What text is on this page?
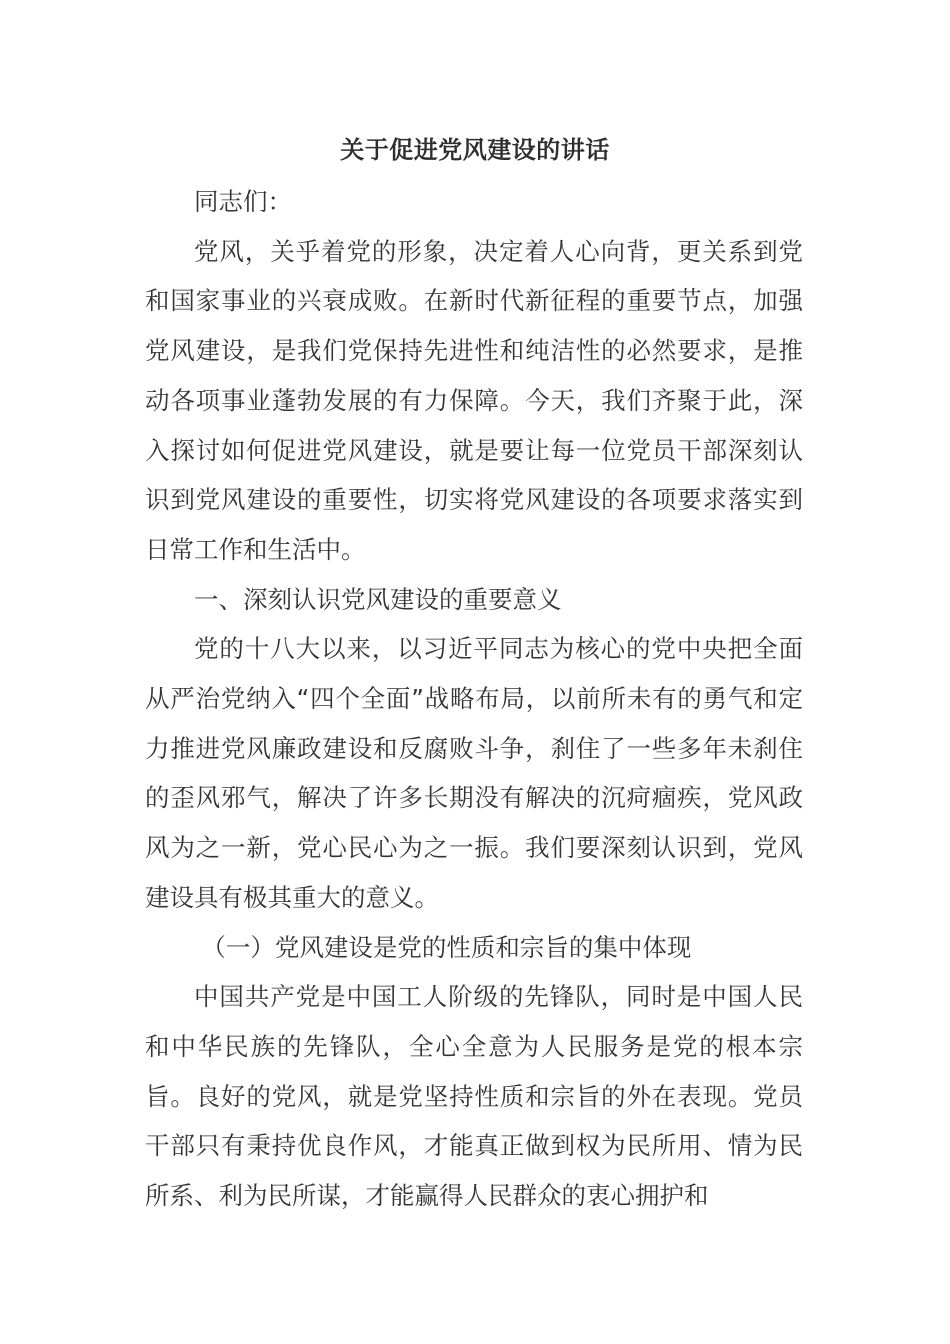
关于促进党风建设的讲话

同志们：

党风，关乎着党的形象，决定着人心向背，更关系到党和国家事业的兴衰成败。在新时代新征程的重要节点，加强党风建设，是我们党保持先进性和纯洁性的必然要求，是推动各项事业蓬勃发展的有力保障。今天，我们齐聚于此，深入探讨如何促进党风建设，就是要让每一位党员干部深刻认识到党风建设的重要性，切实将党风建设的各项要求落实到日常工作和生活中。

一、深刻认识党风建设的重要意义

党的十八大以来，以习近平同志为核心的党中央把全面从严治党纳入“四个全面”战略布局，以前所未有的勇气和定力推进党风廉政建设和反腐败斗争，刹住了一些多年未刹住的歪风邪气，解决了许多长期没有解决的沉疴痼疾，党风政风为之一新，党心民心为之一振。我们要深刻认识到，党风建设具有极其重大的意义。

（一）党风建设是党的性质和宗旨的集中体现

中国共产党是中国工人阶级的先锋队，同时是中国人民和中华民族的先锋队，全心全意为人民服务是党的根本宗旨。良好的党风，就是党坚持性质和宗旨的外在表现。党员干部只有秉持优良作风，才能真正做到权为民所用、情为民所系、利为民所谋，才能赢得人民群众的衷心拥护和
